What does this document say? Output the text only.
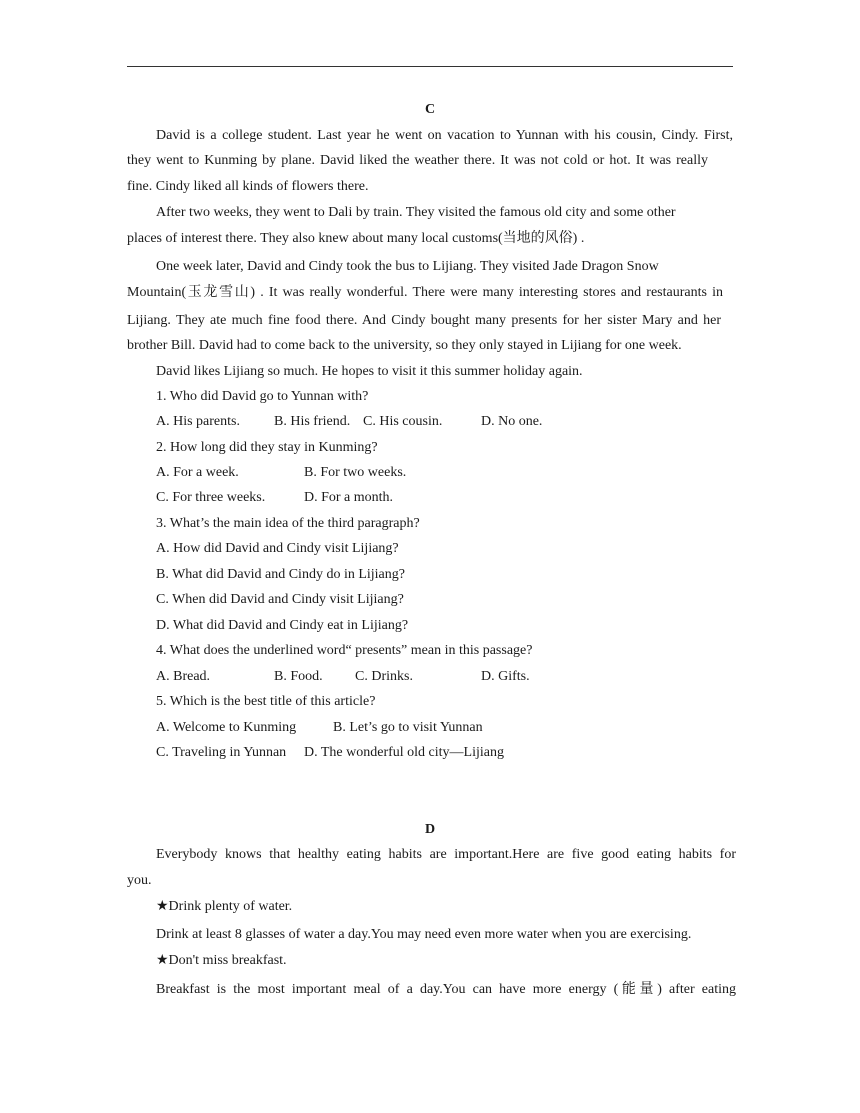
C
David is a college student. Last year he went on vacation to Yunnan with his cousin, Cindy. First,
they went to Kunming by plane. David liked the weather there. It was not cold or hot. It was really
fine. Cindy liked all kinds of flowers there.
After two weeks, they went to Dali by train. They visited the famous old city and some other
places of interest there. They also knew about many local customs(当地的风俗) .
One week later, David and Cindy took the bus to Lijiang. They visited Jade Dragon Snow
Mountain(玉龙雪山) . It was really wonderful. There were many interesting stores and restaurants in
Lijiang. They ate much fine food there. And Cindy bought many presents for her sister Mary and her
brother Bill. David had to come back to the university, so they only stayed in Lijiang for one week.
David likes Lijiang so much. He hopes to visit it this summer holiday again.
1. Who did David go to Yunnan with?
A. His parents. B. His friend. C. His cousin.	D. No one.
2. How long did they stay in Kunming?
A. For a week.	B. For two weeks.
C. For three weeks.	D. For a month.
3. What’s the main idea of the third paragraph?
A. How did David and Cindy visit Lijiang?
B. What did David and Cindy do in Lijiang?
C. When did David and Cindy visit Lijiang?
D. What did David and Cindy eat in Lijiang?
4. What does the underlined word“ presents” mean in this passage?
A. Bread.	B. Food. C. Drinks.	D. Gifts.
5. Which is the best title of this article?
A. Welcome to Kunming	B. Let’s go to visit Yunnan
C. Traveling in Yunnan D. The wonderful old city—Lijiang
D
Everybody knows that healthy eating habits are important.Here are five good eating habits for
you.
★Drink plenty of water.
Drink at least 8 glasses of water a day.You may need even more water when you are exercising.
★Don't miss breakfast.
Breakfast is the most important meal of a day.You can have more energy (能量) after eating
